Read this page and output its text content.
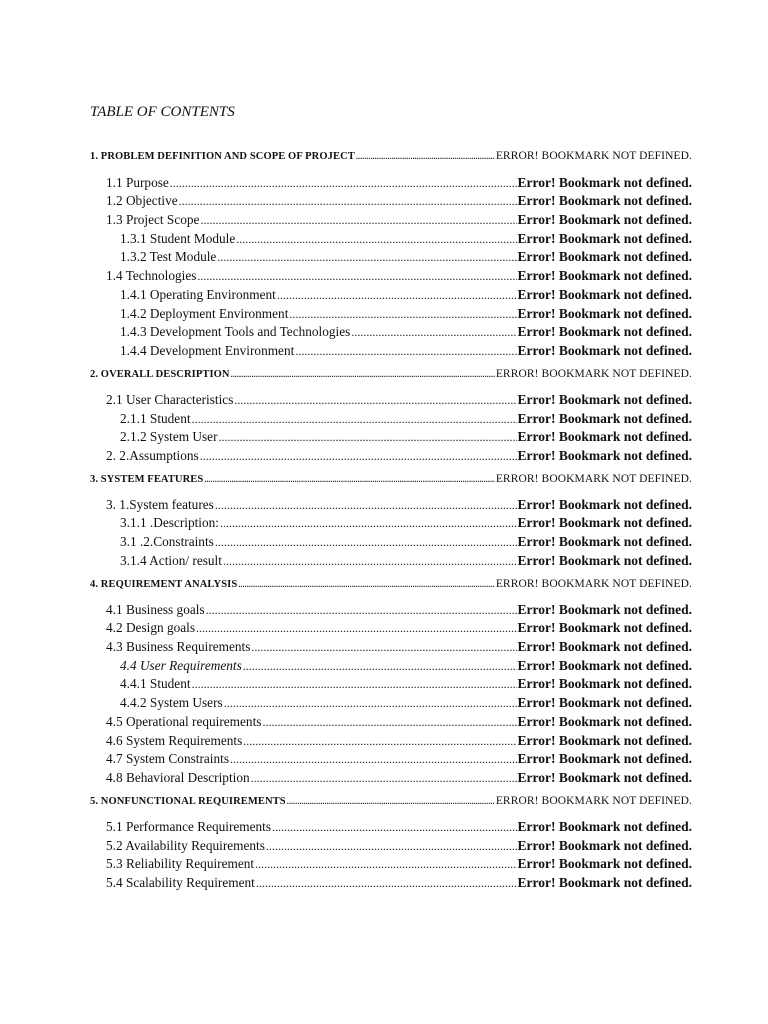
TABLE OF CONTENTS
1. PROBLEM DEFINITION AND SCOPE OF PROJECT .....	ERROR! BOOKMARK NOT DEFINED.
1.1 Purpose .....	Error! Bookmark not defined.
1.2 Objective .....	Error! Bookmark not defined.
1.3 Project Scope .....	Error! Bookmark not defined.
1.3.1 Student Module .....	Error! Bookmark not defined.
1.3.2 Test Module .....	Error! Bookmark not defined.
1.4 Technologies .....	Error! Bookmark not defined.
1.4.1 Operating Environment .....	Error! Bookmark not defined.
1.4.2 Deployment Environment .....	Error! Bookmark not defined.
1.4.3 Development Tools and Technologies .....	Error! Bookmark not defined.
1.4.4 Development Environment .....	Error! Bookmark not defined.
2. OVERALL DESCRIPTION .....	ERROR! BOOKMARK NOT DEFINED.
2.1 User Characteristics .....	Error! Bookmark not defined.
2.1.1 Student .....	Error! Bookmark not defined.
2.1.2 System User .....	Error! Bookmark not defined.
2. 2.Assumptions .....	Error! Bookmark not defined.
3. SYSTEM FEATURES .....	ERROR! BOOKMARK NOT DEFINED.
3. 1.System features .....	Error! Bookmark not defined.
3.1.1 .Description: .....	Error! Bookmark not defined.
3.1 .2.Constraints .....	Error! Bookmark not defined.
3.1.4 Action/ result .....	Error! Bookmark not defined.
4. REQUIREMENT ANALYSIS .....	ERROR! BOOKMARK NOT DEFINED.
4.1 Business goals .....	Error! Bookmark not defined.
4.2 Design goals .....	Error! Bookmark not defined.
4.3 Business Requirements .....	Error! Bookmark not defined.
4.4 User Requirements .....	Error! Bookmark not defined.
4.4.1 Student .....	Error! Bookmark not defined.
4.4.2 System Users .....	Error! Bookmark not defined.
4.5 Operational requirements .....	Error! Bookmark not defined.
4.6 System Requirements .....	Error! Bookmark not defined.
4.7 System Constraints .....	Error! Bookmark not defined.
4.8 Behavioral Description .....	Error! Bookmark not defined.
5. NONFUNCTIONAL REQUIREMENTS .....	ERROR! BOOKMARK NOT DEFINED.
5.1 Performance Requirements .....	Error! Bookmark not defined.
5.2 Availability Requirements .....	Error! Bookmark not defined.
5.3 Reliability Requirement .....	Error! Bookmark not defined.
5.4 Scalability Requirement .....	Error! Bookmark not defined.
